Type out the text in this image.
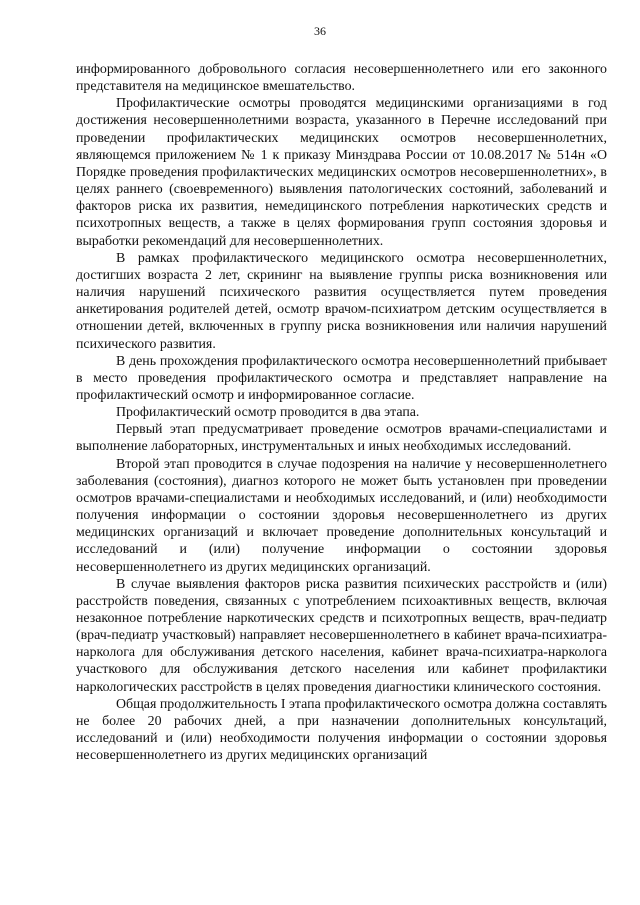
36

информированного добровольного согласия несовершеннолетнего или его законного представителя на медицинское вмешательство.

Профилактические осмотры проводятся медицинскими организациями в год достижения несовершеннолетними возраста, указанного в Перечне исследований при проведении профилактических медицинских осмотров несовершеннолетних, являющемся приложением № 1 к приказу Минздрава России от 10.08.2017 № 514н «О Порядке проведения профилактических медицинских осмотров несовершеннолетних», в целях раннего (своевременного) выявления патологических состояний, заболеваний и факторов риска их развития, немедицинского потребления наркотических средств и психотропных веществ, а также в целях формирования групп состояния здоровья и выработки рекомендаций для несовершеннолетних.

В рамках профилактического медицинского осмотра несовершеннолетних, достигших возраста 2 лет, скрининг на выявление группы риска возникновения или наличия нарушений психического развития осуществляется путем проведения анкетирования родителей детей, осмотр врачом-психиатром детским осуществляется в отношении детей, включенных в группу риска возникновения или наличия нарушений психического развития.

В день прохождения профилактического осмотра несовершеннолетний прибывает в место проведения профилактического осмотра и представляет направление на профилактический осмотр и информированное согласие.

Профилактический осмотр проводится в два этапа.

Первый этап предусматривает проведение осмотров врачами-специалистами и выполнение лабораторных, инструментальных и иных необходимых исследований.

Второй этап проводится в случае подозрения на наличие у несовершеннолетнего заболевания (состояния), диагноз которого не может быть установлен при проведении осмотров врачами-специалистами и необходимых исследований, и (или) необходимости получения информации о состоянии здоровья несовершеннолетнего из других медицинских организаций и включает проведение дополнительных консультаций и исследований и (или) получение информации о состоянии здоровья несовершеннолетнего из других медицинских организаций.

В случае выявления факторов риска развития психических расстройств и (или) расстройств поведения, связанных с употреблением психоактивных веществ, включая незаконное потребление наркотических средств и психотропных веществ, врач-педиатр (врач-педиатр участковый) направляет несовершеннолетнего в кабинет врача-психиатра-нарколога для обслуживания детского населения, кабинет врача-психиатра-нарколога участкового для обслуживания детского населения или кабинет профилактики наркологических расстройств в целях проведения диагностики клинического состояния.

Общая продолжительность I этапа профилактического осмотра должна составлять не более 20 рабочих дней, а при назначении дополнительных консультаций, исследований и (или) необходимости получения информации о состоянии здоровья несовершеннолетнего из других медицинских организаций
